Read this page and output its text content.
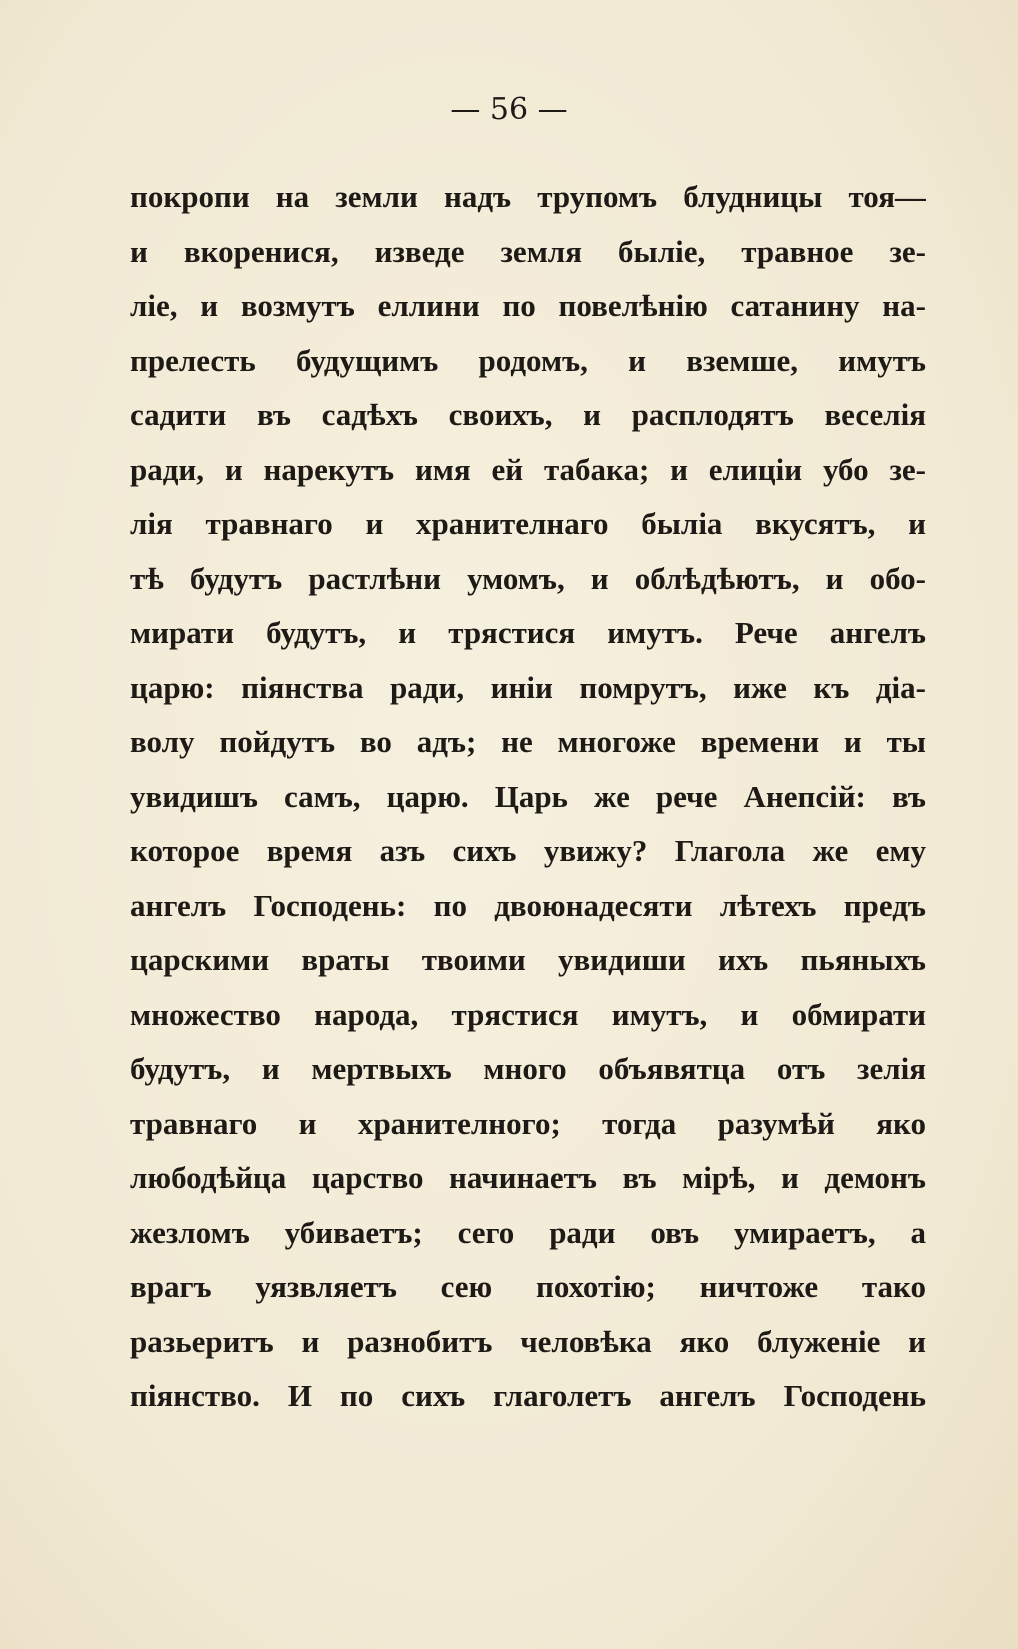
— 56 —
покропи на земли надъ трупомъ блудницы тоя—
и вкоренися, изведе земля быліе, травное зе-
ліе, и возмутъ еллини по повелѣнію сатанину на-
прелесть будущимъ родомъ, и вземше, имутъ
садити въ садѣхъ своихъ, и расплодятъ веселія
ради, и нарекутъ имя ей табака; и елицiи убо зе-
лія травнаго и хранителнаго быліа вкусятъ, и
тѣ будутъ растлѣни умомъ, и облѣдѣютъ, и обо-
мирати будутъ, и трястися имутъ. Рече ангелъ
царю: піянства ради, иніи помрутъ, иже къ діа-
волу пойдутъ во адъ; не многоже времени и ты
увидишъ самъ, царю. Царь же рече Анепсій: въ
которое время азъ сихъ увижу? Глагола же ему
ангелъ Господень: по двоюнадесяти лѣтехъ предъ
царскими враты твоими увидиши ихъ пьяныхъ
множество народа, трястися имутъ, и обмирати
будутъ, и мертвыхъ много объявятца отъ зелія
травнаго и хранителного; тогда разумѣй яко
любодѣйца царство начинаетъ въ мірѣ, и демонъ
жезломъ убиваетъ; сего ради овъ умираетъ, а
врагъ уязвляетъ сею похотію; ничтоже тако
разьеритъ и разнобитъ человѣка яко блуженіе и
піянство. И по сихъ глаголетъ ангелъ Господень
